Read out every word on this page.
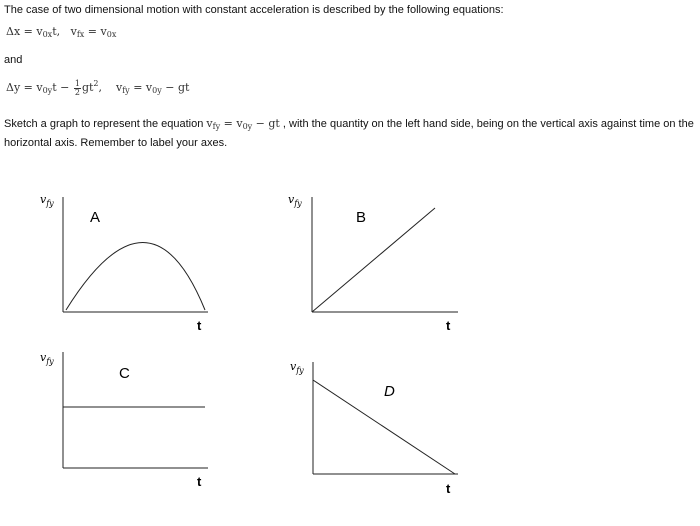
The case of two dimensional motion with constant acceleration is described by the following equations:
$\Delta x = v_{0x}t$, $v_{fx} = v_{0x}$
and
$\Delta y = v_{0y}t - \frac{1}{2} gt^2$, $v_{fy} = v_{0y}$ − gt
Sketch a graph to represent the equation $v_{fy} = v_{0y}$ − gt , with the quantity on the left hand side, being on the vertical axis against time on the horizontal axis. Remember to label your axes.
$v_{fy}$
A
t
$v_{fy}$
B
t
$v_{fy}$
C
t
$v_{fy}$
D
t
